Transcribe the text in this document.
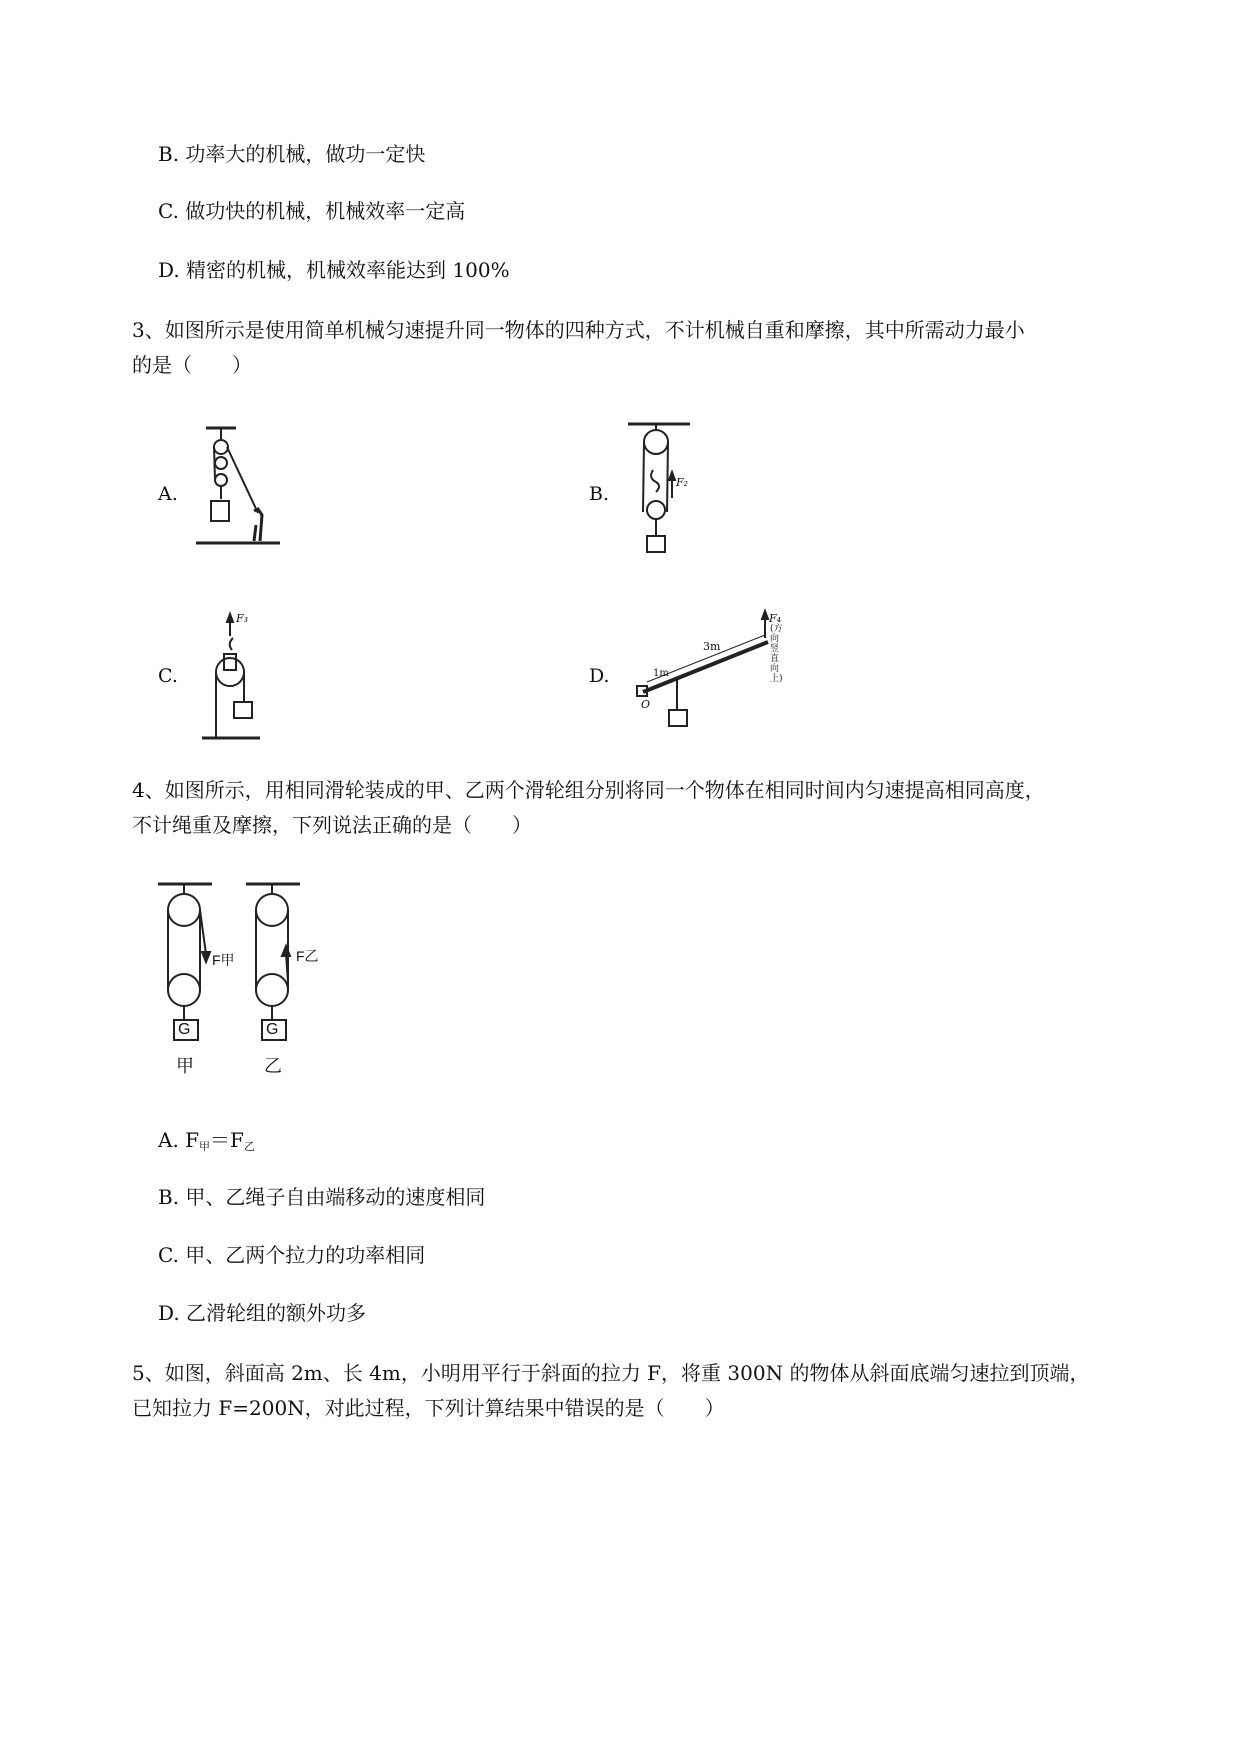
B. 功率大的机械，做功一定快
C. 做功快的机械，机械效率一定高
D. 精密的机械，机械效率能达到 100%
3、如图所示是使用简单机械匀速提升同一物体的四种方式，不计机械自重和摩擦，其中所需动力最小
的是（　　）
A.	B.
F₂
C.
F₃
D.
3m
1m
O
F₄
(方向竖直向上)
4、如图所示，用相同滑轮装成的甲、乙两个滑轮组分别将同一个物体在相同时间内匀速提高相同高度，
不计绳重及摩擦，下列说法正确的是（　　）
G	G
甲	乙
F甲	F乙
A. $F_甲=F_乙$
B. 甲、乙绳子自由端移动的速度相同
C. 甲、乙两个拉力的功率相同
D. 乙滑轮组的额外功多
5、如图，斜面高 2m、长 4m，小明用平行于斜面的拉力 F，将重 300N 的物体从斜面底端匀速拉到顶端，
已知拉力 F=200N，对此过程，下列计算结果中错误的是（　　）
